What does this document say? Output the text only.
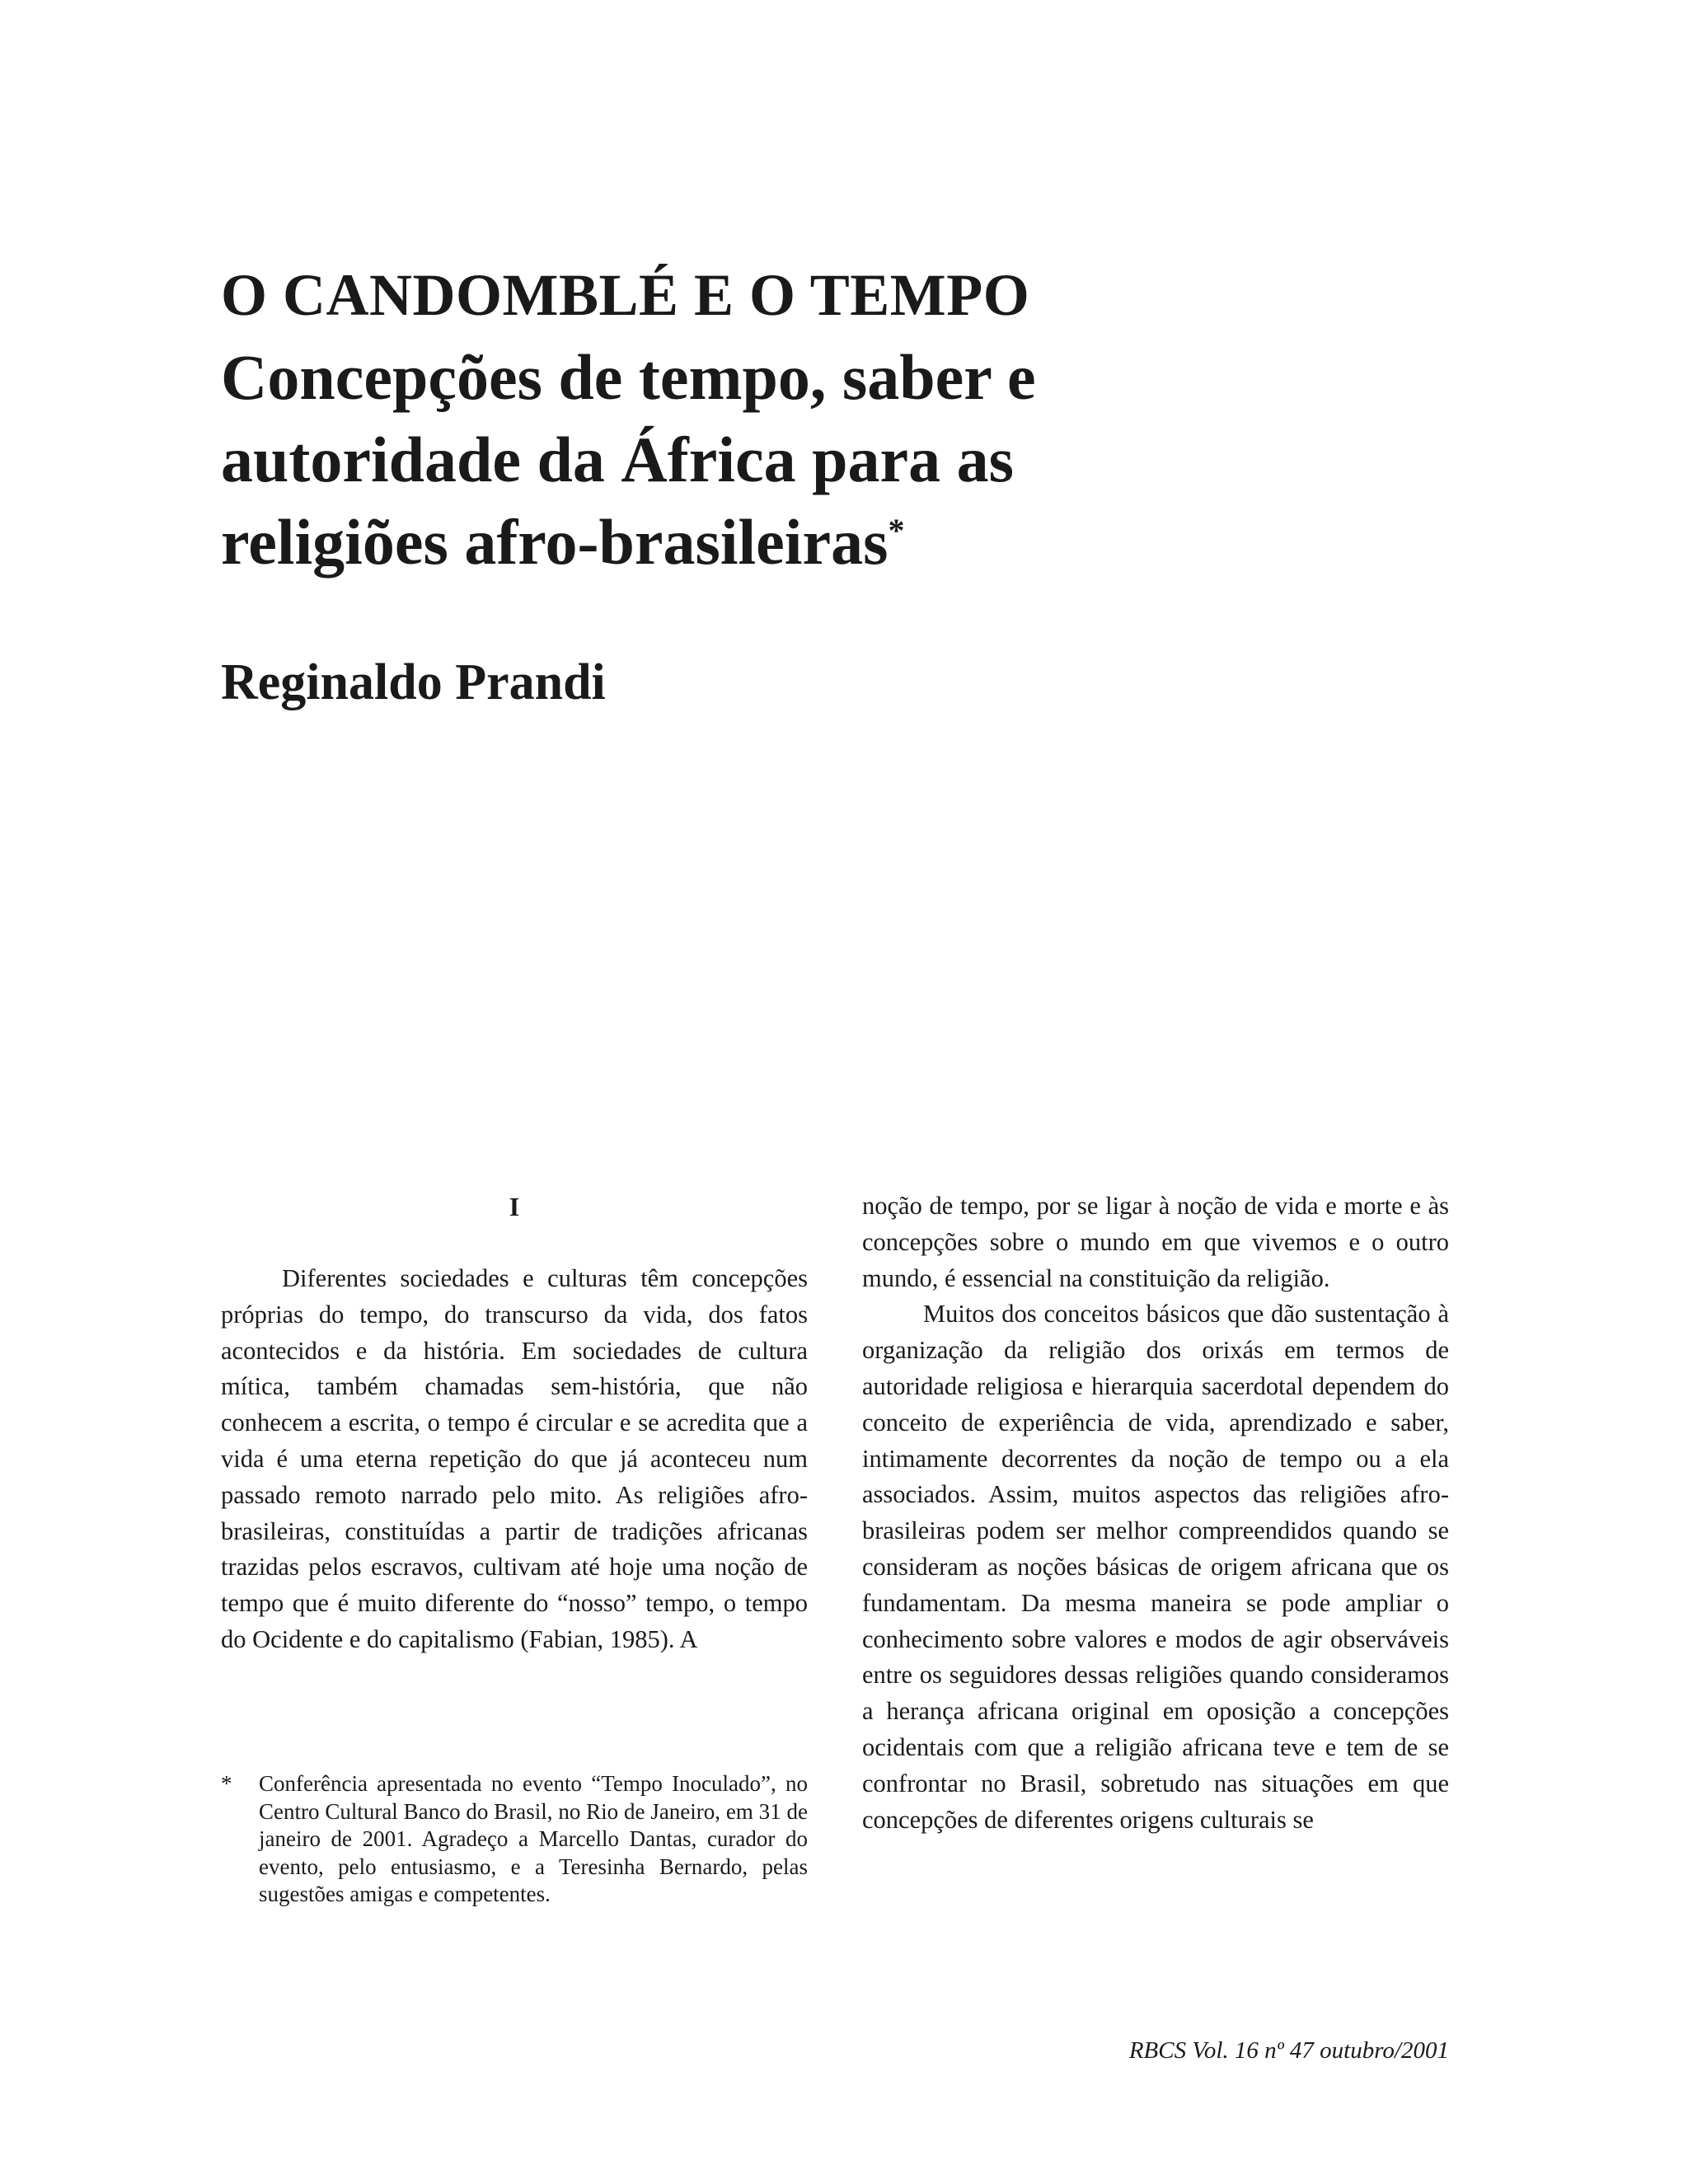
O CANDOMBLÉ E O TEMPO
Concepções de tempo, saber e autoridade da África para as religiões afro-brasileiras*
Reginaldo Prandi
I

Diferentes sociedades e culturas têm concepções próprias do tempo, do transcurso da vida, dos fatos acontecidos e da história. Em sociedades de cultura mítica, também chamadas sem-história, que não conhecem a escrita, o tempo é circular e se acredita que a vida é uma eterna repetição do que já aconteceu num passado remoto narrado pelo mito. As religiões afro-brasileiras, constituídas a partir de tradições africanas trazidas pelos escravos, cultivam até hoje uma noção de tempo que é muito diferente do “nosso” tempo, o tempo do Ocidente e do capitalismo (Fabian, 1985). A

noção de tempo, por se ligar à noção de vida e morte e às concepções sobre o mundo em que vivemos e o outro mundo, é essencial na constituição da religião.

Muitos dos conceitos básicos que dão sustentação à organização da religião dos orixás em termos de autoridade religiosa e hierarquia sacerdotal dependem do conceito de experiência de vida, aprendizado e saber, intimamente decorrentes da noção de tempo ou a ela associados. Assim, muitos aspectos das religiões afro-brasileiras podem ser melhor compreendidos quando se consideram as noções básicas de origem africana que os fundamentam. Da mesma maneira se pode ampliar o conhecimento sobre valores e modos de agir observáveis entre os seguidores dessas religiões quando consideramos a herança africana original em oposição a concepções ocidentais com que a religião africana teve e tem de se confrontar no Brasil, sobretudo nas situações em que concepções de diferentes origens culturais se

* Conferência apresentada no evento “Tempo Inoculado”, no Centro Cultural Banco do Brasil, no Rio de Janeiro, em 31 de janeiro de 2001. Agradeço a Marcello Dantas, curador do evento, pelo entusiasmo, e a Teresinha Bernardo, pelas sugestões amigas e competentes.
RBCS Vol. 16 nº 47 outubro/2001
